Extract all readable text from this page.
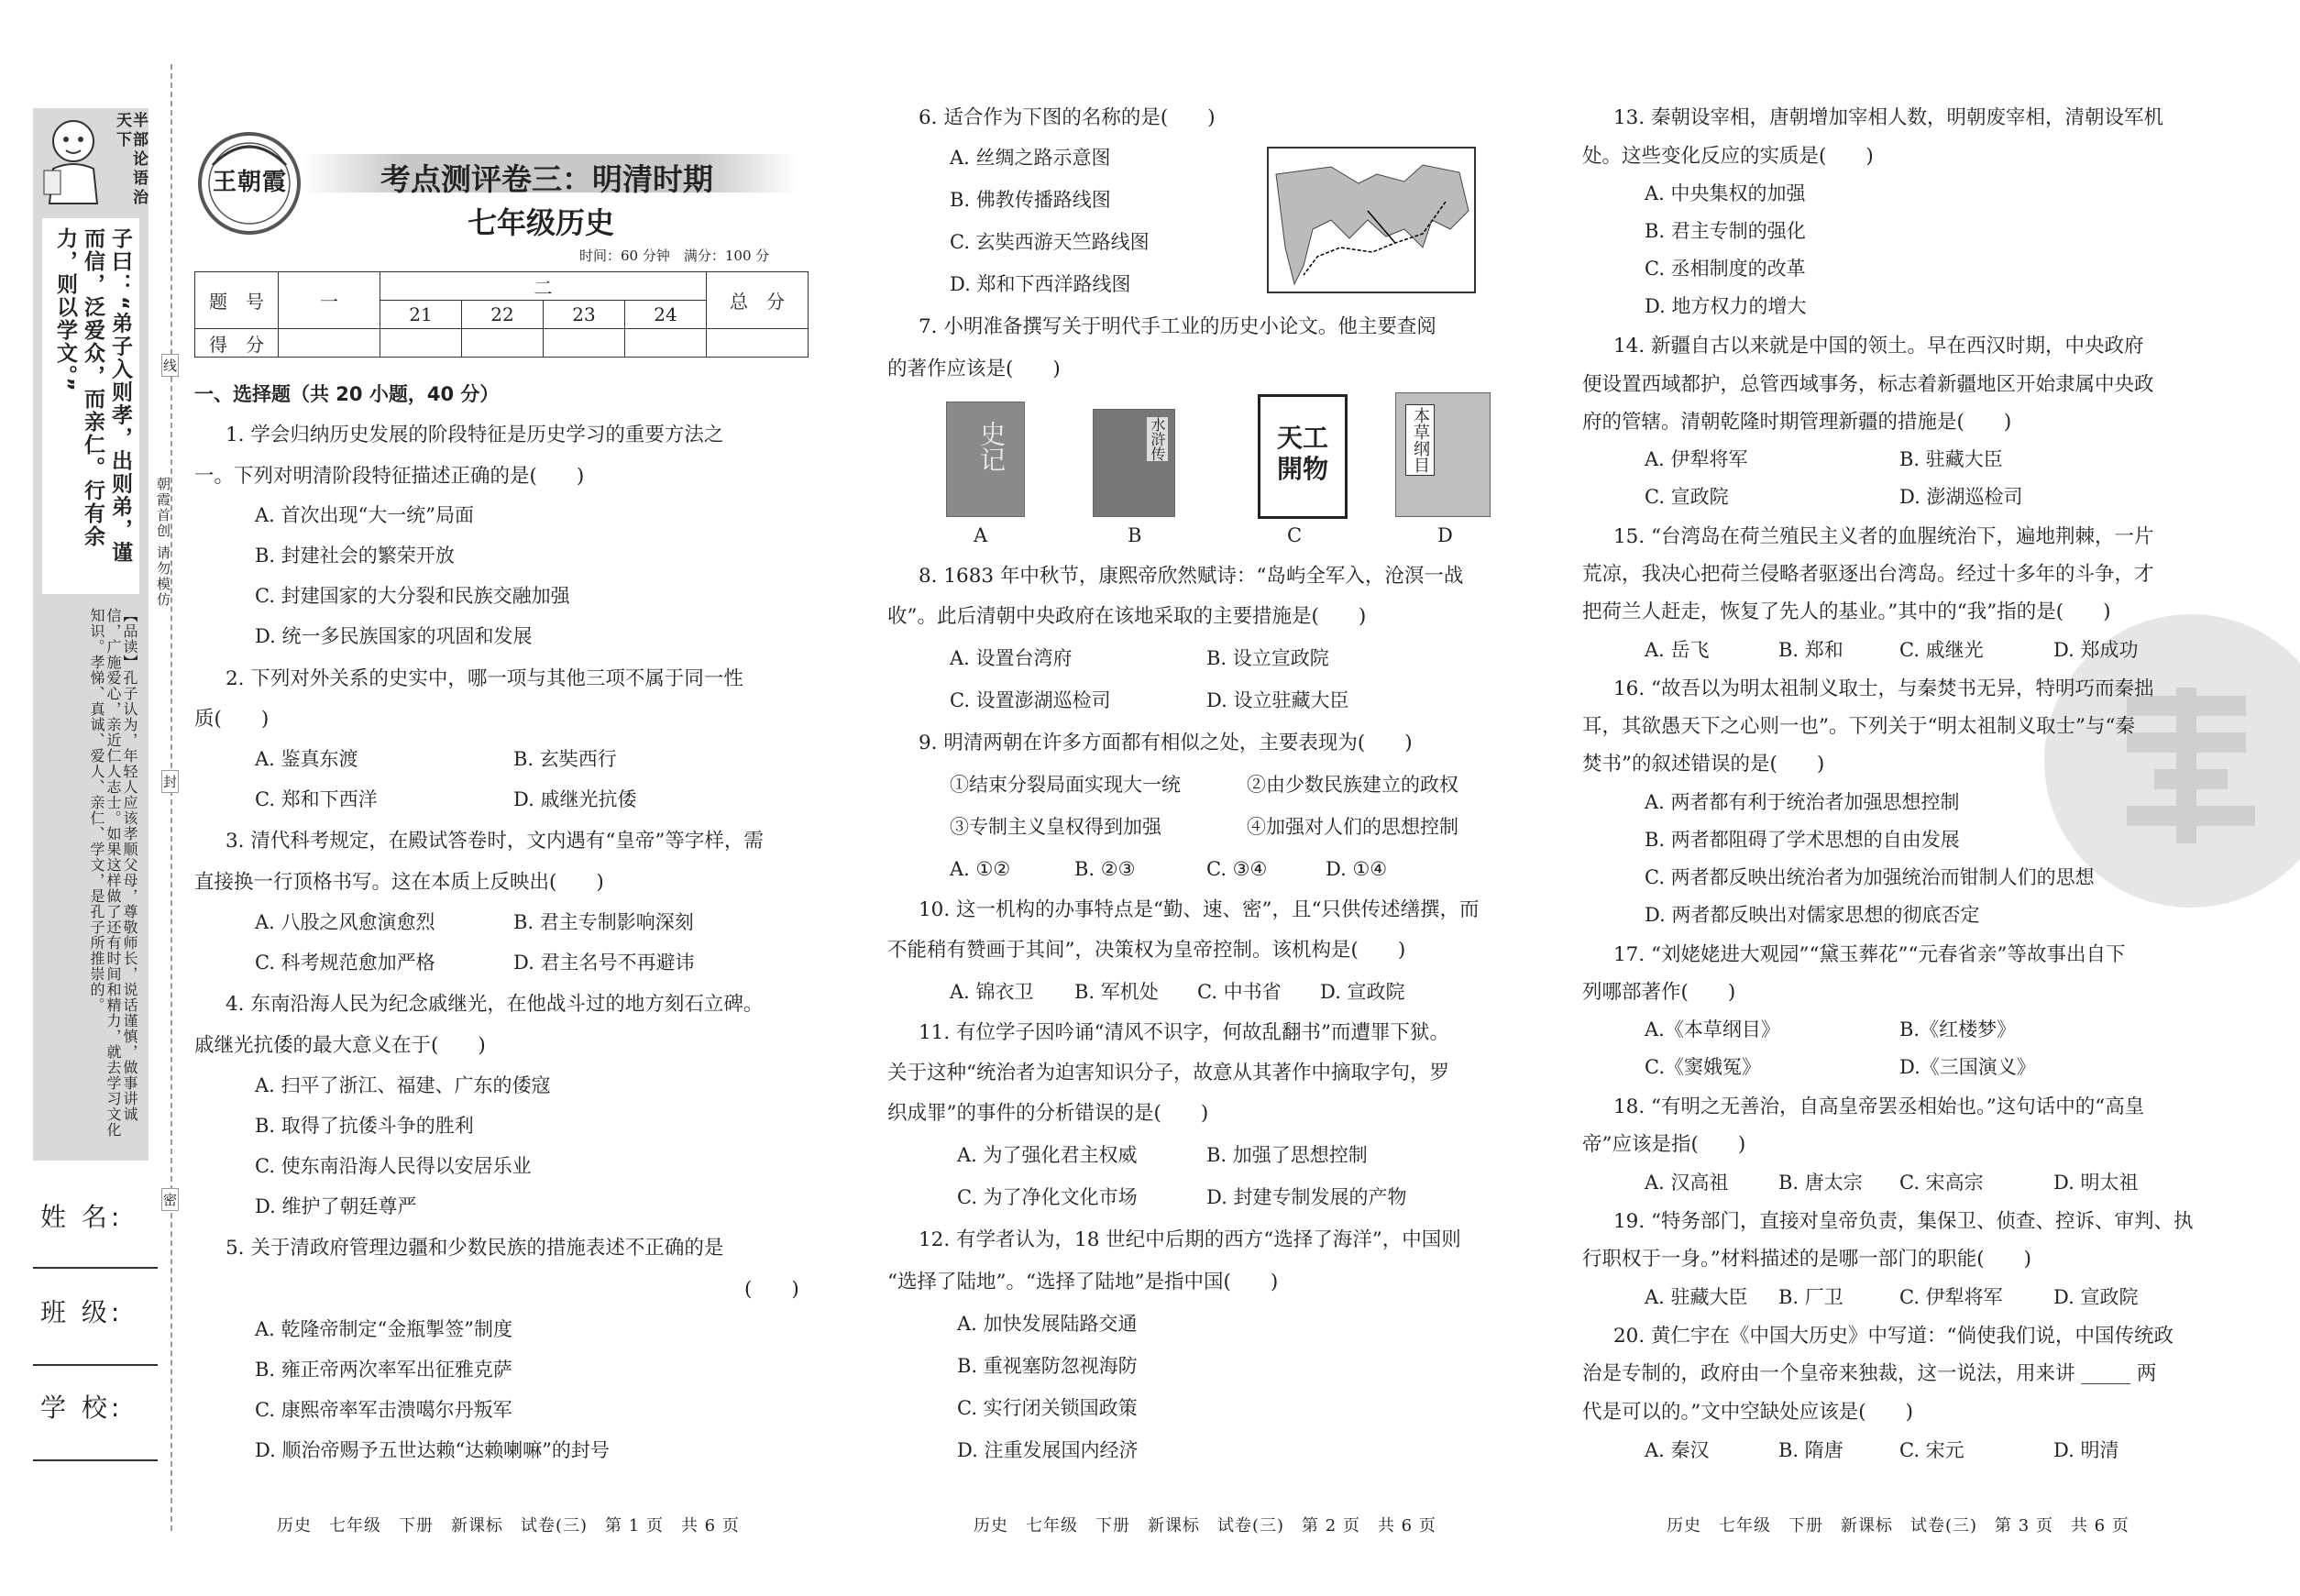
半部论语治天下
子曰：“弟子入则孝，出则弟，谨而信，泛爱众，而亲仁。行有余力，则以学文。”
【品读】孔子认为，年轻人应该孝顺父母，尊敬师长，说话谨慎，做事讲诚信，广施爱心，亲近仁人志士。如果这样做了还有时间和精力，就去学习文化知识。孝悌、真诚、爱人、亲仁、学文，是孔子所推崇的。
朝霞首创 请勿模仿
姓 名:
班 级:
学 校:
线
封
密
王朝霞	考点测评卷三：明清时期
七年级历史
时间：60 分钟　满分：100 分
题　号	一	二				总　分
		21	22	23	24	
得　分						
一、选择题（共 20 小题，40 分）
1. 学会归纳历史发展的阶段特征是历史学习的重要方法之
一。下列对明清阶段特征描述正确的是(　　)
A. 首次出现“大一统”局面
B. 封建社会的繁荣开放
C. 封建国家的大分裂和民族交融加强
D. 统一多民族国家的巩固和发展
2. 下列对外关系的史实中，哪一项与其他三项不属于同一性
质(　　)
A. 鉴真东渡	B. 玄奘西行
C. 郑和下西洋	D. 戚继光抗倭
3. 清代科考规定，在殿试答卷时，文内遇有“皇帝”等字样，需
直接换一行顶格书写。这在本质上反映出(　　)
A. 八股之风愈演愈烈	B. 君主专制影响深刻
C. 科考规范愈加严格	D. 君主名号不再避讳
4. 东南沿海人民为纪念戚继光，在他战斗过的地方刻石立碑。
戚继光抗倭的最大意义在于(　　)
A. 扫平了浙江、福建、广东的倭寇
B. 取得了抗倭斗争的胜利
C. 使东南沿海人民得以安居乐业
D. 维护了朝廷尊严
5. 关于清政府管理边疆和少数民族的措施表述不正确的是
(　　)
A. 乾隆帝制定“金瓶掣签”制度
B. 雍正帝两次率军出征雅克萨
C. 康熙帝率军击溃噶尔丹叛军
D. 顺治帝赐予五世达赖“达赖喇嘛”的封号
历史　七年级　下册　新课标　试卷(三)　第 1 页　共 6 页
6. 适合作为下图的名称的是(　　)
A. 丝绸之路示意图
B. 佛教传播路线图
C. 玄奘西游天竺路线图
D. 郑和下西洋路线图
7. 小明准备撰写关于明代手工业的历史小论文。他主要查阅
的著作应该是(　　)
史记	水浒传	天工開物	本草纲目
A	B	C	D
8. 1683 年中秋节，康熙帝欣然赋诗：“岛屿全军入，沧溟一战
收”。此后清朝中央政府在该地采取的主要措施是(　　)
A. 设置台湾府	B. 设立宣政院
C. 设置澎湖巡检司	D. 设立驻藏大臣
9. 明清两朝在许多方面都有相似之处，主要表现为(　　)
①结束分裂局面实现大一统	②由少数民族建立的政权
③专制主义皇权得到加强	④加强对人们的思想控制
A. ①②	B. ②③	C. ③④	D. ①④
10. 这一机构的办事特点是“勤、速、密”，且“只供传述缮撰，而
不能稍有赞画于其间”，决策权为皇帝控制。该机构是(　　)
A. 锦衣卫 B. 军机处 C. 中书省 D. 宣政院
11. 有位学子因吟诵“清风不识字，何故乱翻书”而遭罪下狱。
关于这种“统治者为迫害知识分子，故意从其著作中摘取字句，罗
织成罪”的事件的分析错误的是(　　)
A. 为了强化君主权威	B. 加强了思想控制
C. 为了净化文化市场	D. 封建专制发展的产物
12. 有学者认为，18 世纪中后期的西方“选择了海洋”，中国则
“选择了陆地”。“选择了陆地”是指中国(　　)
A. 加快发展陆路交通
B. 重视塞防忽视海防
C. 实行闭关锁国政策
D. 注重发展国内经济
历史　七年级　下册　新课标　试卷(三)　第 2 页　共 6 页
13. 秦朝设宰相，唐朝增加宰相人数，明朝废宰相，清朝设军机
处。这些变化反应的实质是(　　)
A. 中央集权的加强
B. 君主专制的强化
C. 丞相制度的改革
D. 地方权力的增大
14. 新疆自古以来就是中国的领土。早在西汉时期，中央政府
便设置西域都护，总管西域事务，标志着新疆地区开始隶属中央政
府的管辖。清朝乾隆时期管理新疆的措施是(　　)
A. 伊犁将军	B. 驻藏大臣
C. 宣政院	D. 澎湖巡检司
15. “台湾岛在荷兰殖民主义者的血腥统治下，遍地荆棘，一片
荒凉，我决心把荷兰侵略者驱逐出台湾岛。经过十多年的斗争，才
把荷兰人赶走，恢复了先人的基业。”其中的“我”指的是(　　)
A. 岳飞	B. 郑和	C. 戚继光	D. 郑成功
16. “故吾以为明太祖制义取士，与秦焚书无异，特明巧而秦拙
耳，其欲愚天下之心则一也”。下列关于“明太祖制义取士”与“秦
焚书”的叙述错误的是(　　)
A. 两者都有利于统治者加强思想控制
B. 两者都阻碍了学术思想的自由发展
C. 两者都反映出统治者为加强统治而钳制人们的思想
D. 两者都反映出对儒家思想的彻底否定
17. “刘姥姥进大观园”“黛玉葬花”“元春省亲”等故事出自下
列哪部著作(　　)
A.《本草纲目》	B.《红楼梦》
C.《窦娥冤》	D.《三国演义》
18. “有明之无善治，自高皇帝罢丞相始也。”这句话中的“高皇
帝”应该是指(　　)
A. 汉高祖	B. 唐太宗 C. 宋高宗	D. 明太祖
19. “特务部门，直接对皇帝负责，集保卫、侦查、控诉、审判、执
行职权于一身。”材料描述的是哪一部门的职能(　　)
A. 驻藏大臣 B. 厂卫	C. 伊犁将军	D. 宣政院
20. 黄仁宇在《中国大历史》中写道：“倘使我们说，中国传统政
治是专制的，政府由一个皇帝来独裁，这一说法，用来讲 _____ 两
代是可以的。”文中空缺处应该是(　　)
A. 秦汉	B. 隋唐	C. 宋元	D. 明清
历史　七年级　下册　新课标　试卷(三)　第 3 页　共 6 页
